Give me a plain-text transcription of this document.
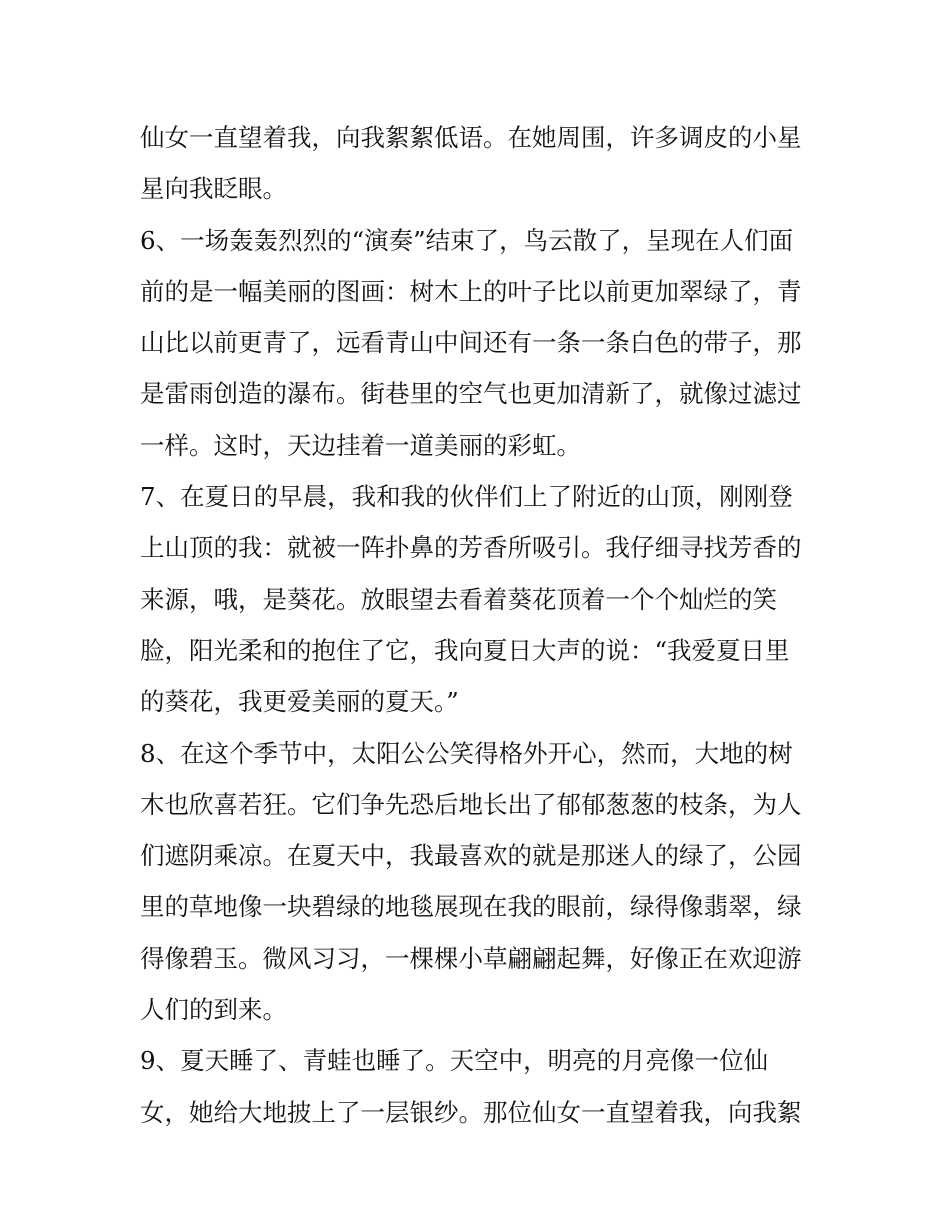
仙女一直望着我，向我絮絮低语。在她周围，许多调皮的小星
星向我眨眼。
6、一场轰轰烈烈的“演奏”结束了，鸟云散了，呈现在人们面
前的是一幅美丽的图画：树木上的叶子比以前更加翠绿了，青
山比以前更青了，远看青山中间还有一条一条白色的带子，那
是雷雨创造的瀑布。街巷里的空气也更加清新了，就像过滤过
一样。这时，天边挂着一道美丽的彩虹。
7、在夏日的早晨，我和我的伙伴们上了附近的山顶，刚刚登
上山顶的我：就被一阵扑鼻的芳香所吸引。我仔细寻找芳香的
来源，哦，是葵花。放眼望去看着葵花顶着一个个灿烂的笑
脸，阳光柔和的抱住了它，我向夏日大声的说：“我爱夏日里
的葵花，我更爱美丽的夏天。”
8、在这个季节中，太阳公公笑得格外开心，然而，大地的树
木也欣喜若狂。它们争先恐后地长出了郁郁葱葱的枝条，为人
们遮阴乘凉。在夏天中，我最喜欢的就是那迷人的绿了，公园
里的草地像一块碧绿的地毯展现在我的眼前，绿得像翡翠，绿
得像碧玉。微风习习，一棵棵小草翩翩起舞，好像正在欢迎游
人们的到来。
9、夏天睡了、青蛙也睡了。天空中，明亮的月亮像一位仙
女，她给大地披上了一层银纱。那位仙女一直望着我，向我絮
